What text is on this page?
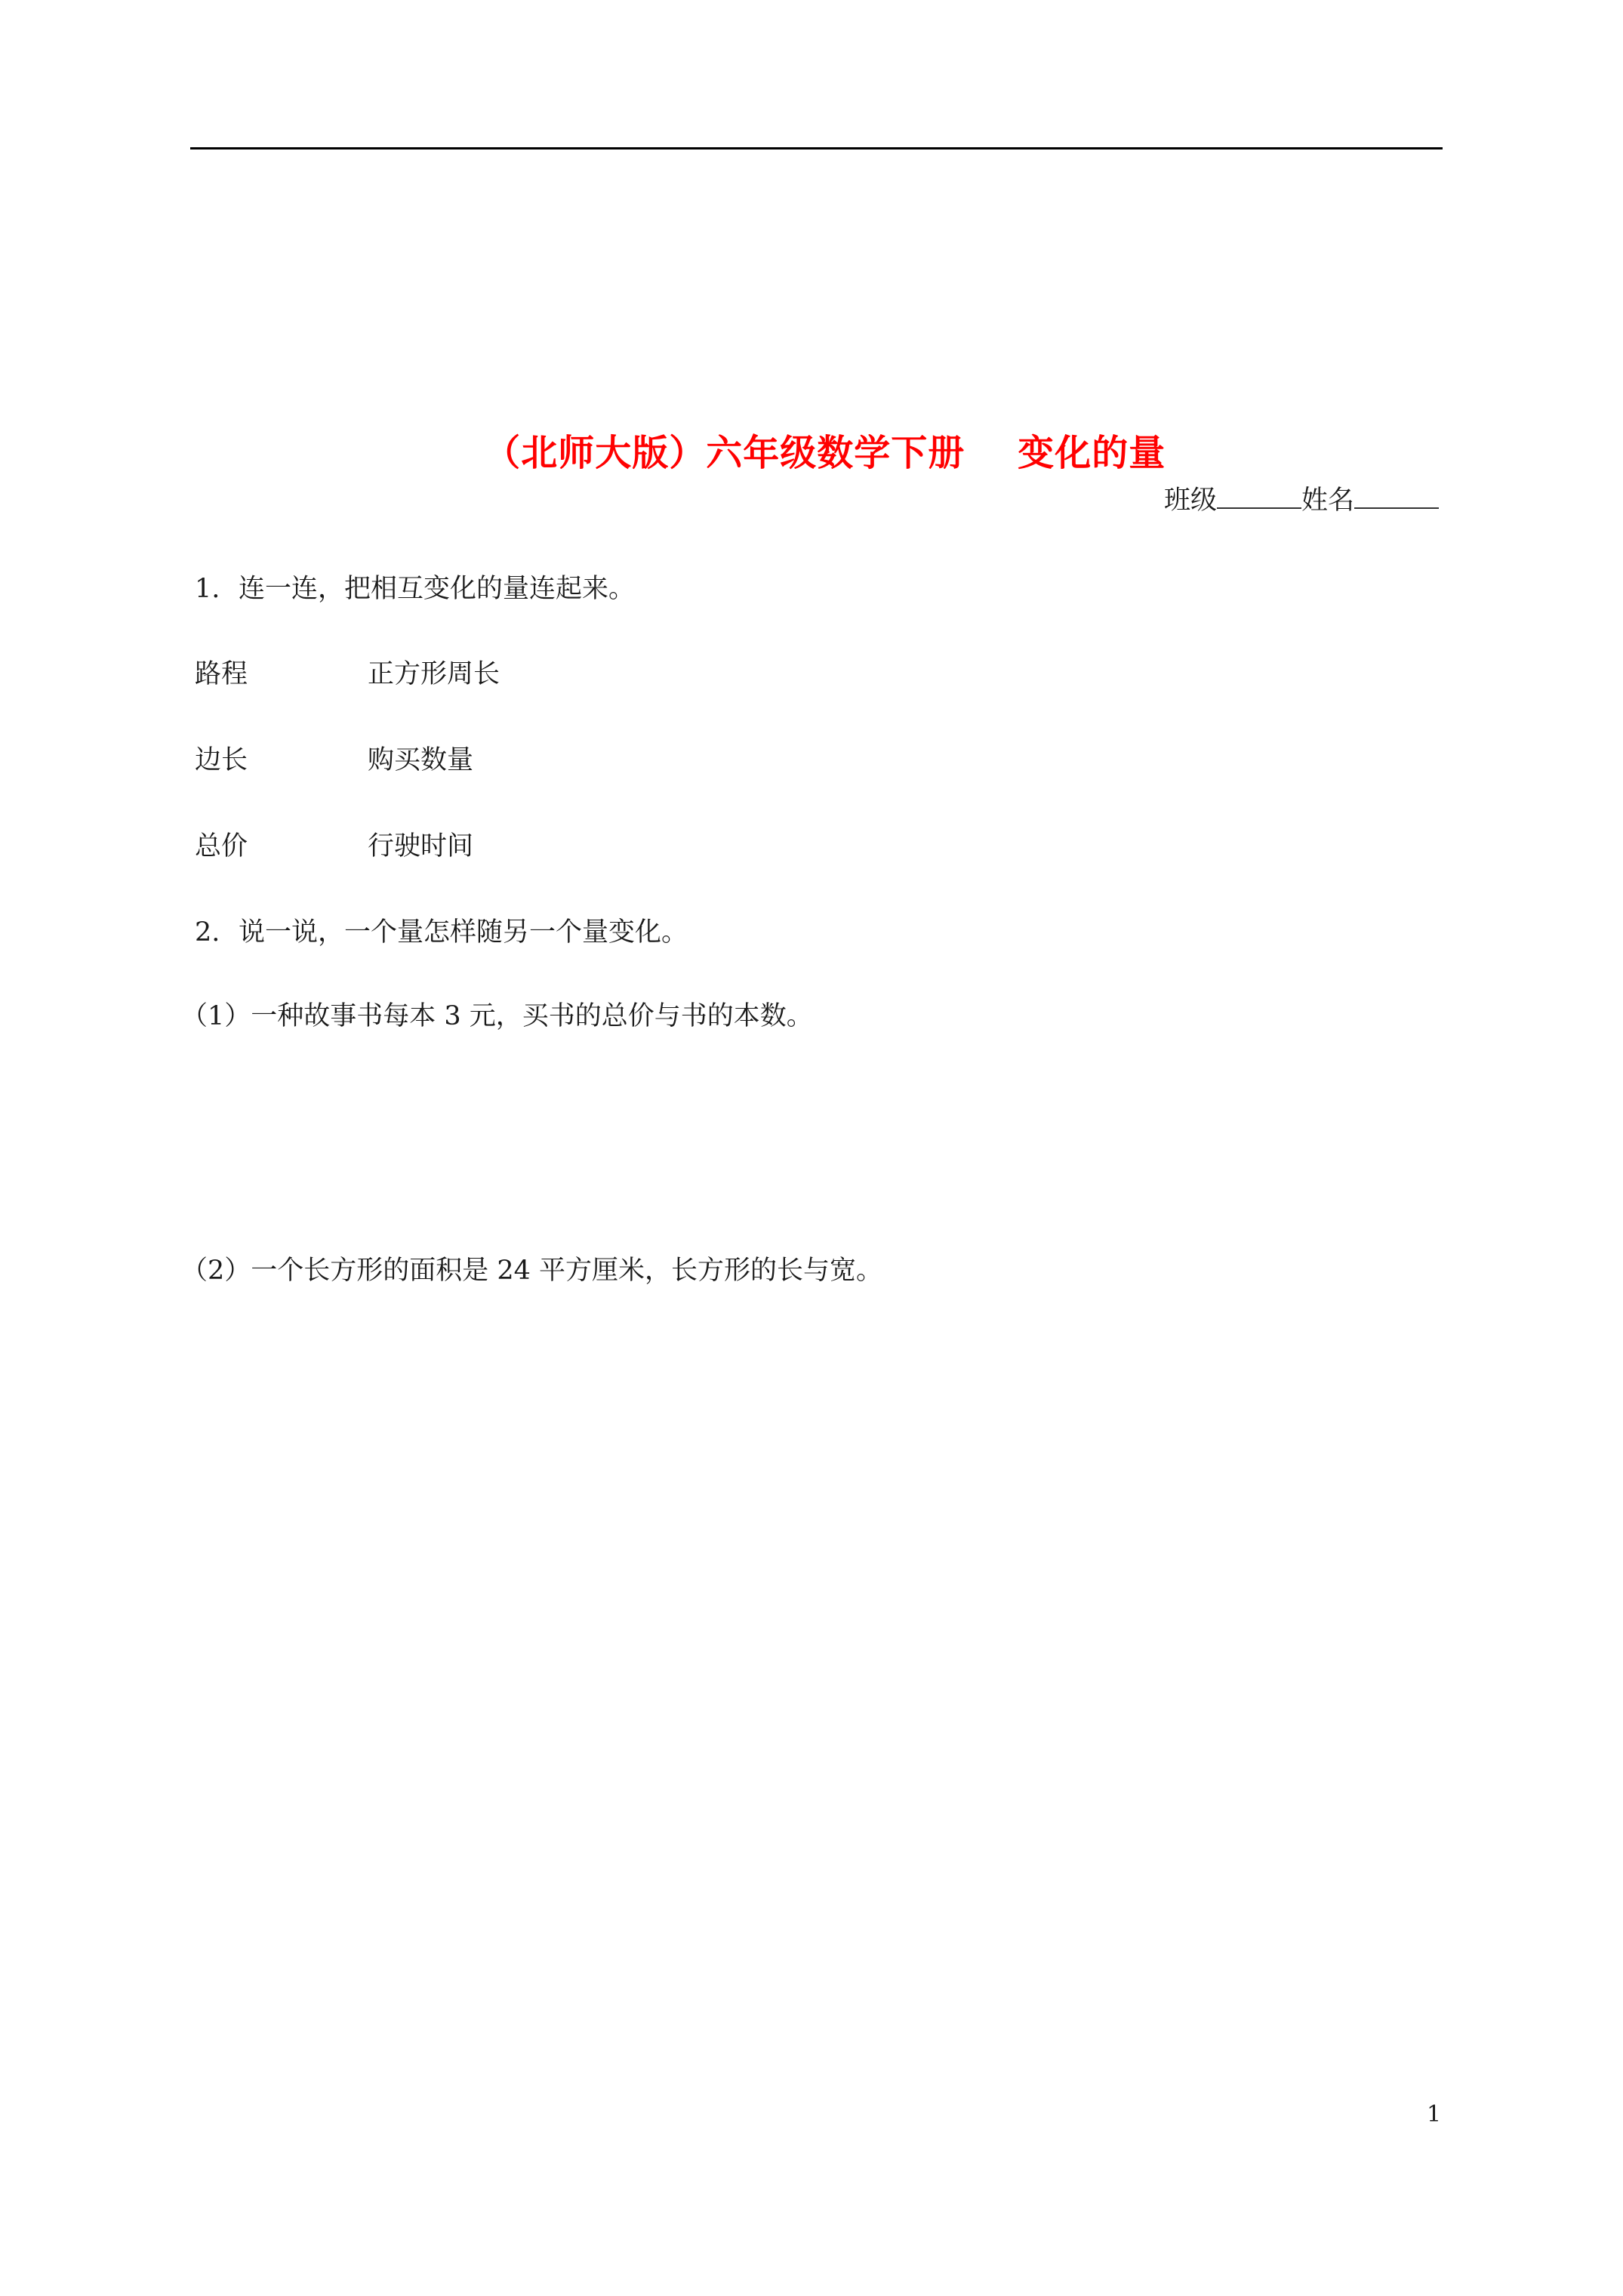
（北师大版）六年级数学下册 变化的量

班级	姓名
1. 连一连，把相互变化的量连起来。
路程	正方形周长
边长	购买数量
总价	行驶时间
2. 说一说，一个量怎样随另一个量变化。
（1）一种故事书每本 3 元，买书的总价与书的本数。
（2）一个长方形的面积是 24 平方厘米，长方形的长与宽。
1
